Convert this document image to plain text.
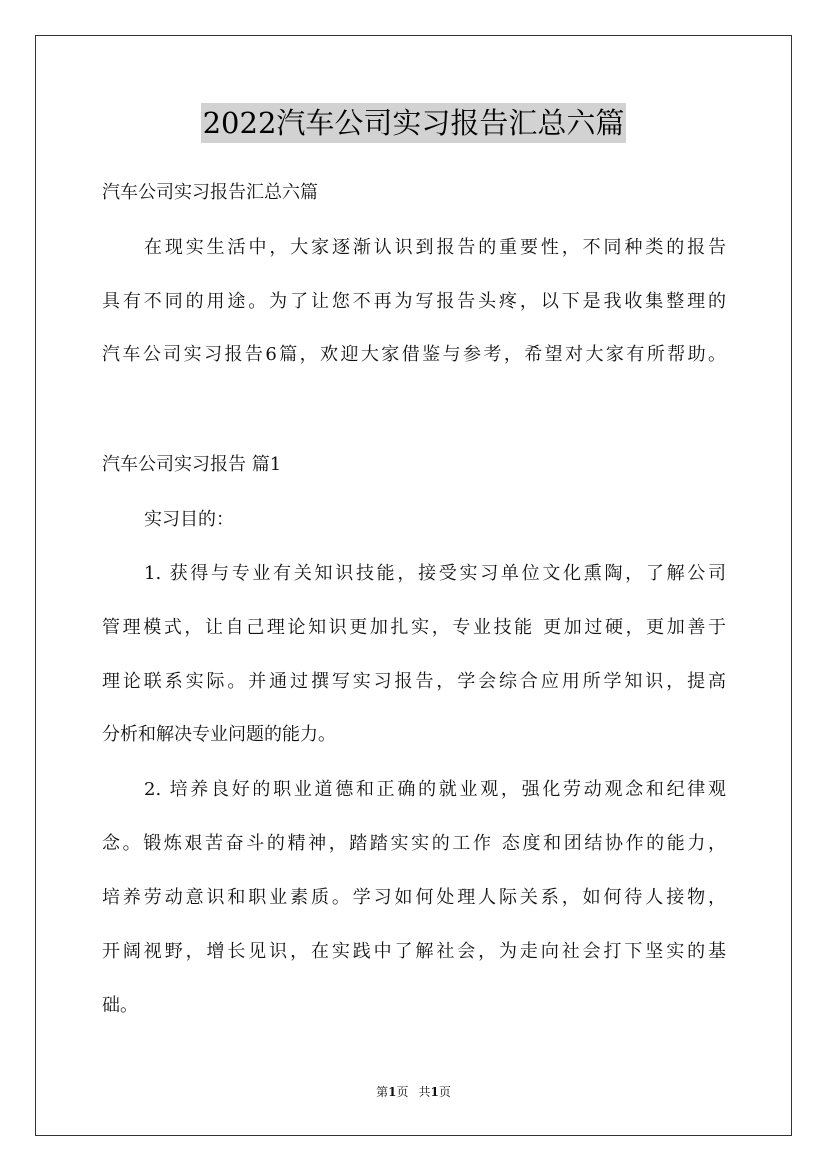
2022汽车公司实习报告汇总六篇
汽车公司实习报告汇总六篇
在现实生活中，大家逐渐认识到报告的重要性，不同种类的报告
具有不同的用途。为了让您不再为写报告头疼，以下是我收集整理的
汽车公司实习报告6篇，欢迎大家借鉴与参考，希望对大家有所帮助。
汽车公司实习报告 篇1
实习目的：
1. 获得与专业有关知识技能，接受实习单位文化熏陶，了解公司
管理模式，让自己理论知识更加扎实，专业技能 更加过硬，更加善于
理论联系实际。并通过撰写实习报告，学会综合应用所学知识，提高
分析和解决专业问题的能力。
2. 培养良好的职业道德和正确的就业观，强化劳动观念和纪律观
念。锻炼艰苦奋斗的精神，踏踏实实的工作 态度和团结协作的能力，
培养劳动意识和职业素质。学习如何处理人际关系，如何待人接物，
开阔视野，增长见识，在实践中了解社会，为走向社会打下坚实的基
础。
第1页 共1页
